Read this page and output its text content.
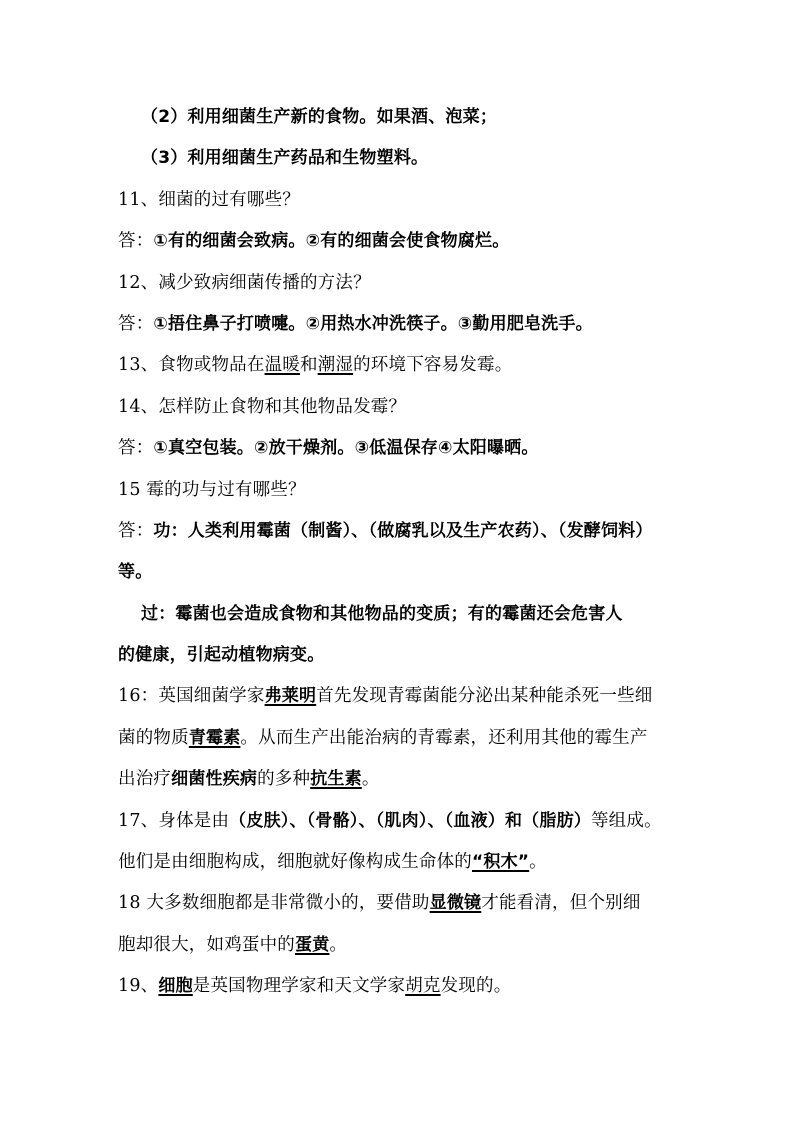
（2）利用细菌生产新的食物。如果酒、泡菜；
（3）利用细菌生产药品和生物塑料。
11、细菌的过有哪些？
答：①有的细菌会致病。②有的细菌会使食物腐烂。
12、减少致病细菌传播的方法？
答：①捂住鼻子打喷嚏。②用热水冲洗筷子。③勤用肥皂洗手。
13、食物或物品在温暖和潮湿的环境下容易发霉。
14、怎样防止食物和其他物品发霉？
答：①真空包装。②放干燥剂。③低温保存④太阳曝晒。
15 霉的功与过有哪些？
答：功：人类利用霉菌（制酱）、（做腐乳以及生产农药）、（发酵饲料）
等。
过：霉菌也会造成食物和其他物品的变质；有的霉菌还会危害人
的健康，引起动植物病变。
16：英国细菌学家弗莱明首先发现青霉菌能分泌出某种能杀死一些细
菌的物质青霉素。从而生产出能治病的青霉素，还利用其他的霉生产
出治疗细菌性疾病的多种抗生素。
17、身体是由（皮肤）、（骨骼）、（肌肉）、（血液）和（脂肪）等组成。
他们是由细胞构成，细胞就好像构成生命体的“积木”。
18 大多数细胞都是非常微小的，要借助显微镜才能看清，但个别细
胞却很大，如鸡蛋中的蛋黄。
19、细胞是英国物理学家和天文学家胡克发现的。
